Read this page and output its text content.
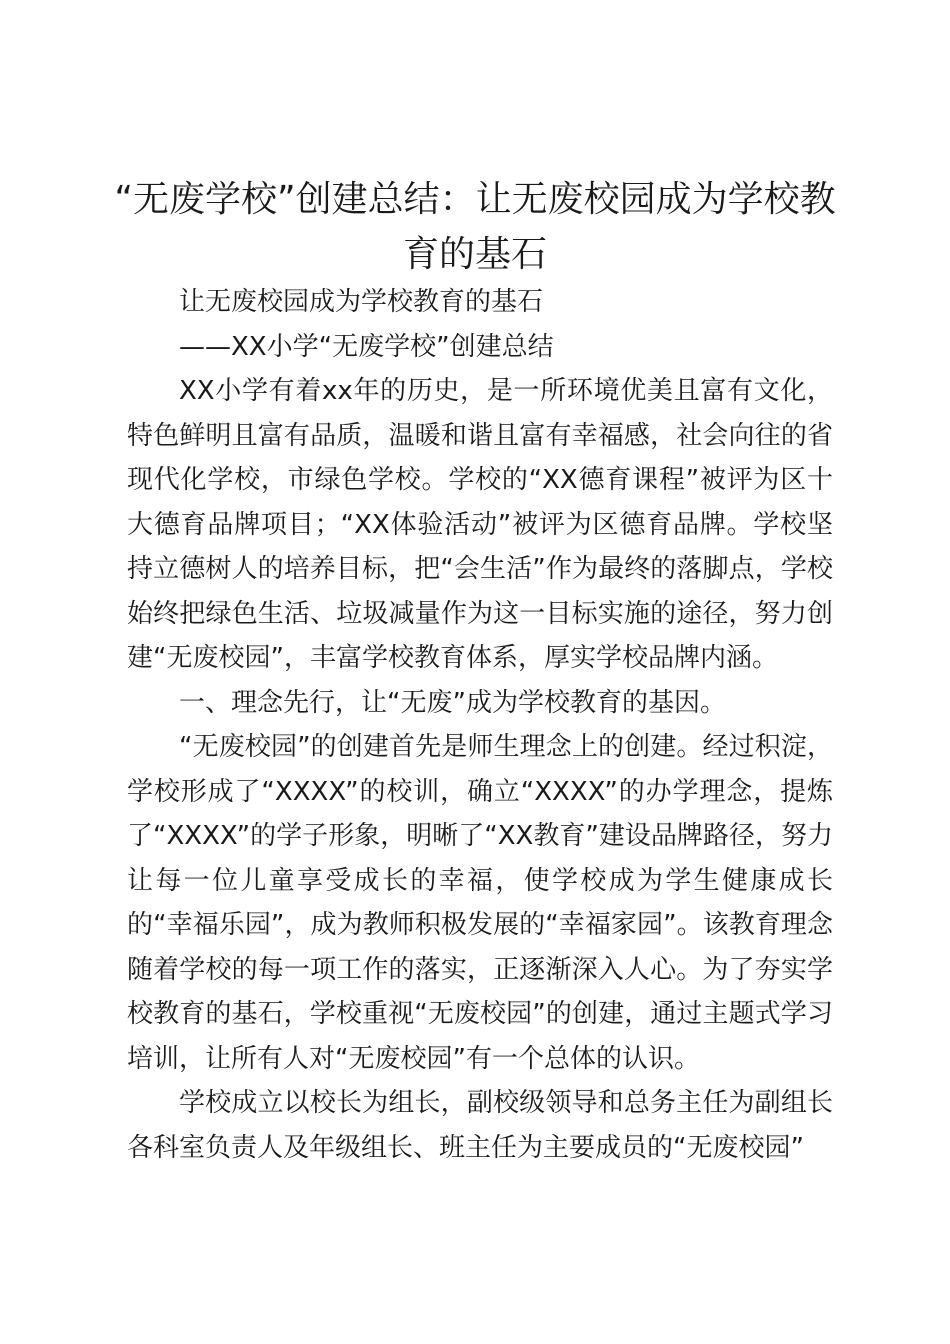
“无废学校”创建总结：让无废校园成为学校教育的基石

让无废校园成为学校教育的基石

——XX小学“无废学校”创建总结

XX小学有着xx年的历史，是一所环境优美且富有文化，特色鲜明且富有品质，温暖和谐且富有幸福感，社会向往的省现代化学校，市绿色学校。学校的“XX德育课程”被评为区十大德育品牌项目；“XX体验活动”被评为区德育品牌。学校坚持立德树人的培养目标，把“会生活”作为最终的落脚点，学校始终把绿色生活、垃圾减量作为这一目标实施的途径，努力创建“无废校园”，丰富学校教育体系，厚实学校品牌内涵。

一、理念先行，让“无废”成为学校教育的基因。

“无废校园”的创建首先是师生理念上的创建。经过积淀，学校形成了“XXXX”的校训，确立“XXXX”的办学理念，提炼了“XXXX”的学子形象，明晰了“XX教育”建设品牌路径，努力让每一位儿童享受成长的幸福，使学校成为学生健康成长的“幸福乐园”，成为教师积极发展的“幸福家园”。该教育理念随着学校的每一项工作的落实，正逐渐深入人心。为了夯实学校教育的基石，学校重视“无废校园”的创建，通过主题式学习培训，让所有人对“无废校园”有一个总体的认识。

学校成立以校长为组长，副校级领导和总务主任为副组长各科室负责人及年级组长、班主任为主要成员的“无废校园”
